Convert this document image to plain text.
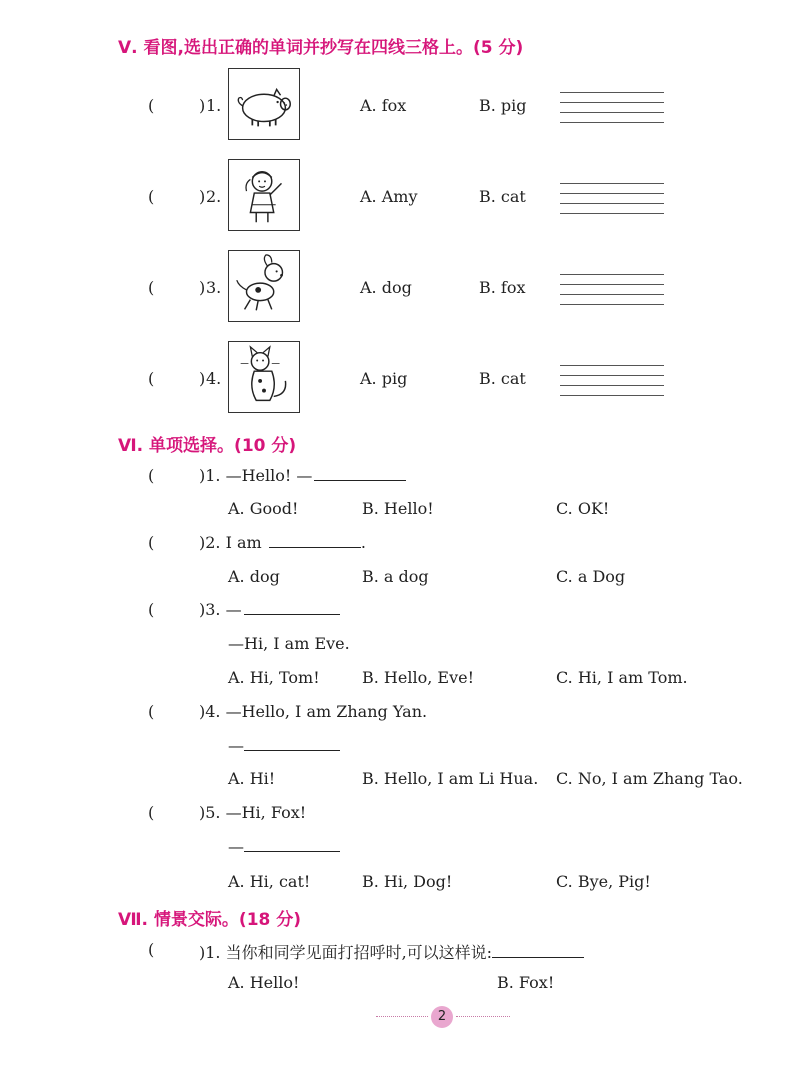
Ⅴ. 看图,选出正确的单词并抄写在四线三格上。(5 分)
(	) 1.	A. fox	B. pig
(	) 2.	A. Amy	B. cat
(	) 3.	A. dog	B. fox
(	) 4.	A. pig	B. cat
Ⅵ. 单项选择。(10 分)
(	)1. —Hello! —
A. Good!	B. Hello!	C. OK!
(	)2. I am	.
A. dog	B. a dog	C. a Dog
(	)3. —
—Hi, I am Eve.
A. Hi, Tom!	B. Hello, Eve!	C. Hi, I am Tom.
(	)4. —Hello, I am Zhang Yan.
—
A. Hi!	B. Hello, I am Li Hua. C. No, I am Zhang Tao.
(	)5. —Hi, Fox!
—
A. Hi, cat!	B. Hi, Dog!	C. Bye, Pig!
Ⅶ. 情景交际。(18 分)
(	)1. 当你和同学见面打招呼时,可以这样说:
A. Hello!	B. Fox!
2
